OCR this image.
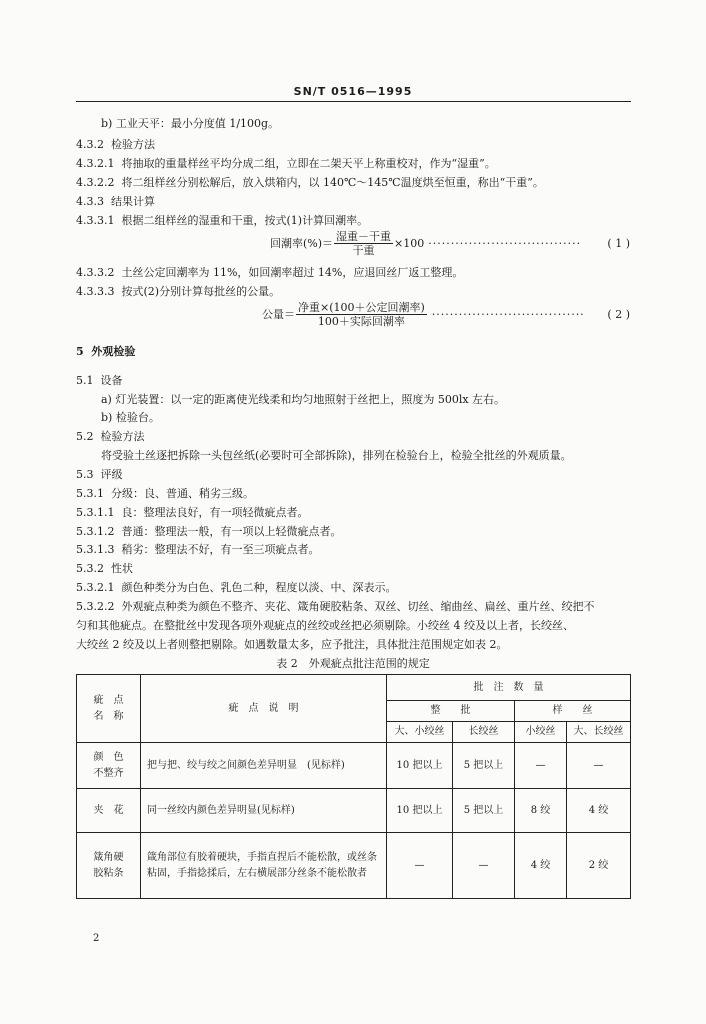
SN/T 0516—1995
b) 工业天平：最小分度值 1/100g。
4.3.2 检验方法
4.3.2.1 将抽取的重量样丝平均分成二组，立即在二架天平上称重校对，作为“湿重”。
4.3.2.2 将二组样丝分别松解后，放入烘箱内，以 140℃～145℃温度烘至恒重，称出“干重”。
4.3.3 结果计算
4.3.3.1 根据二组样丝的湿重和干重，按式(1)计算回潮率。
回潮率(%)＝ $\frac{\text{湿重－干重}}{\text{干重}} \times 100$ ··································	( 1 )
4.3.3.2 土丝公定回潮率为 11%，如回潮率超过 14%，应退回丝厂返工整理。
4.3.3.3 按式(2)分别计算每批丝的公量。
公量＝ $\frac{\text{净重×(100＋公定回潮率)}}{\text{100＋实际回潮率}}$ ··································	( 2 )
5 外观检验
5.1 设备
a) 灯光装置：以一定的距离使光线柔和均匀地照射于丝把上，照度为 500lx 左右。
b) 检验台。
5.2 检验方法
将受验土丝逐把拆除一头包丝纸(必要时可全部拆除)，排列在检验台上，检验全批丝的外观质量。
5.3 评级
5.3.1 分级：良、普通、稍劣三级。
5.3.1.1 良：整理法良好，有一项轻微疵点者。
5.3.1.2 普通：整理法一般，有一项以上轻微疵点者。
5.3.1.3 稍劣：整理法不好，有一至三项疵点者。
5.3.2 性状
5.3.2.1 颜色种类分为白色、乳色二种，程度以淡、中、深表示。
5.3.2.2 外观疵点种类为颜色不整齐、夹花、箴角硬胶粘条、双丝、切丝、缩曲丝、扁丝、重片丝、绞把不
匀和其他疵点。在整批丝中发现各项外观疵点的丝绞或丝把必须剔除。小绞丝 4 绞及以上者，长绞丝、
大绞丝 2 绞及以上者则整把剔除。如遇数量太多，应予批注，具体批注范围规定如表 2。
表 2　外观疵点批注范围的规定
疵　点
名　称	疵　点　说　明	批　注　数　量			
		整　　批		样　　丝	
		大、小绞丝	长绞丝	小绞丝	大、长绞丝
颜　色
不整齐	把与把、绞与绞之间颜色差异明显　(见标样)	10 把以上	5 把以上	—	—
夹　花	同一丝绞内颜色差异明显(见标样)	10 把以上	5 把以上	8 绞	4 绞
箴角硬
胶粘条	箴角部位有胶着硬块，手指直捏后不能松散，或丝条粘固，手指捻揉后，左右横展部分丝条不能松散者	—	—	4 绞	2 绞
2
